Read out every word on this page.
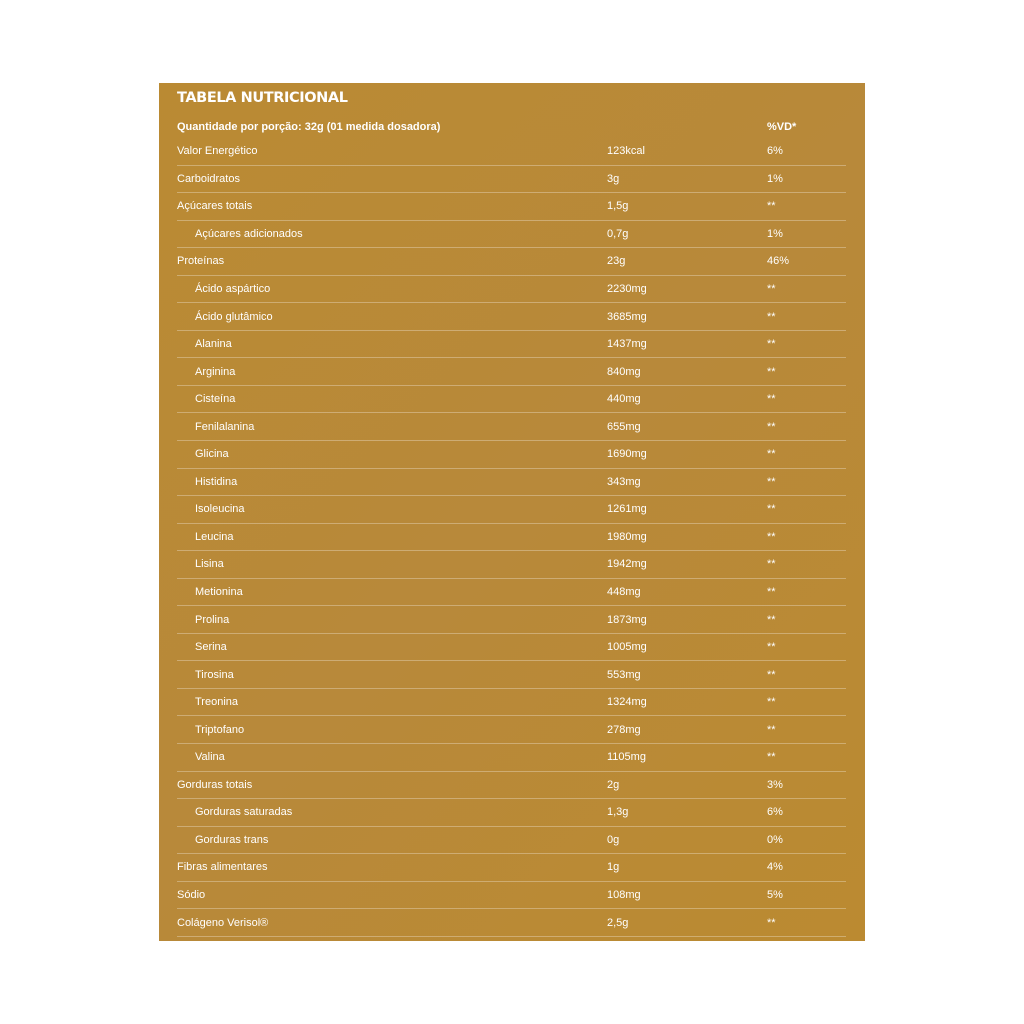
TABELA NUTRICIONAL
Quantidade por porção: 32g (01 medida dosadora)	%VD*
Valor Energético	123kcal	6%
Carboidratos	3g	1%
Açúcares totais	1,5g	**
Açúcares adicionados	0,7g	1%
Proteínas	23g	46%
Ácido aspártico	2230mg	**
Ácido glutâmico	3685mg	**
Alanina	1437mg	**
Arginina	840mg	**
Cisteína	440mg	**
Fenilalanina	655mg	**
Glicina	1690mg	**
Histidina	343mg	**
Isoleucina	1261mg	**
Leucina	1980mg	**
Lisina	1942mg	**
Metionina	448mg	**
Prolina	1873mg	**
Serina	1005mg	**
Tirosina	553mg	**
Treonina	1324mg	**
Triptofano	278mg	**
Valina	1105mg	**
Gorduras totais	2g	3%
Gorduras saturadas	1,3g	6%
Gorduras trans	0g	0%
Fibras alimentares	1g	4%
Sódio	108mg	5%
Colágeno Verisol®	2,5g	**
